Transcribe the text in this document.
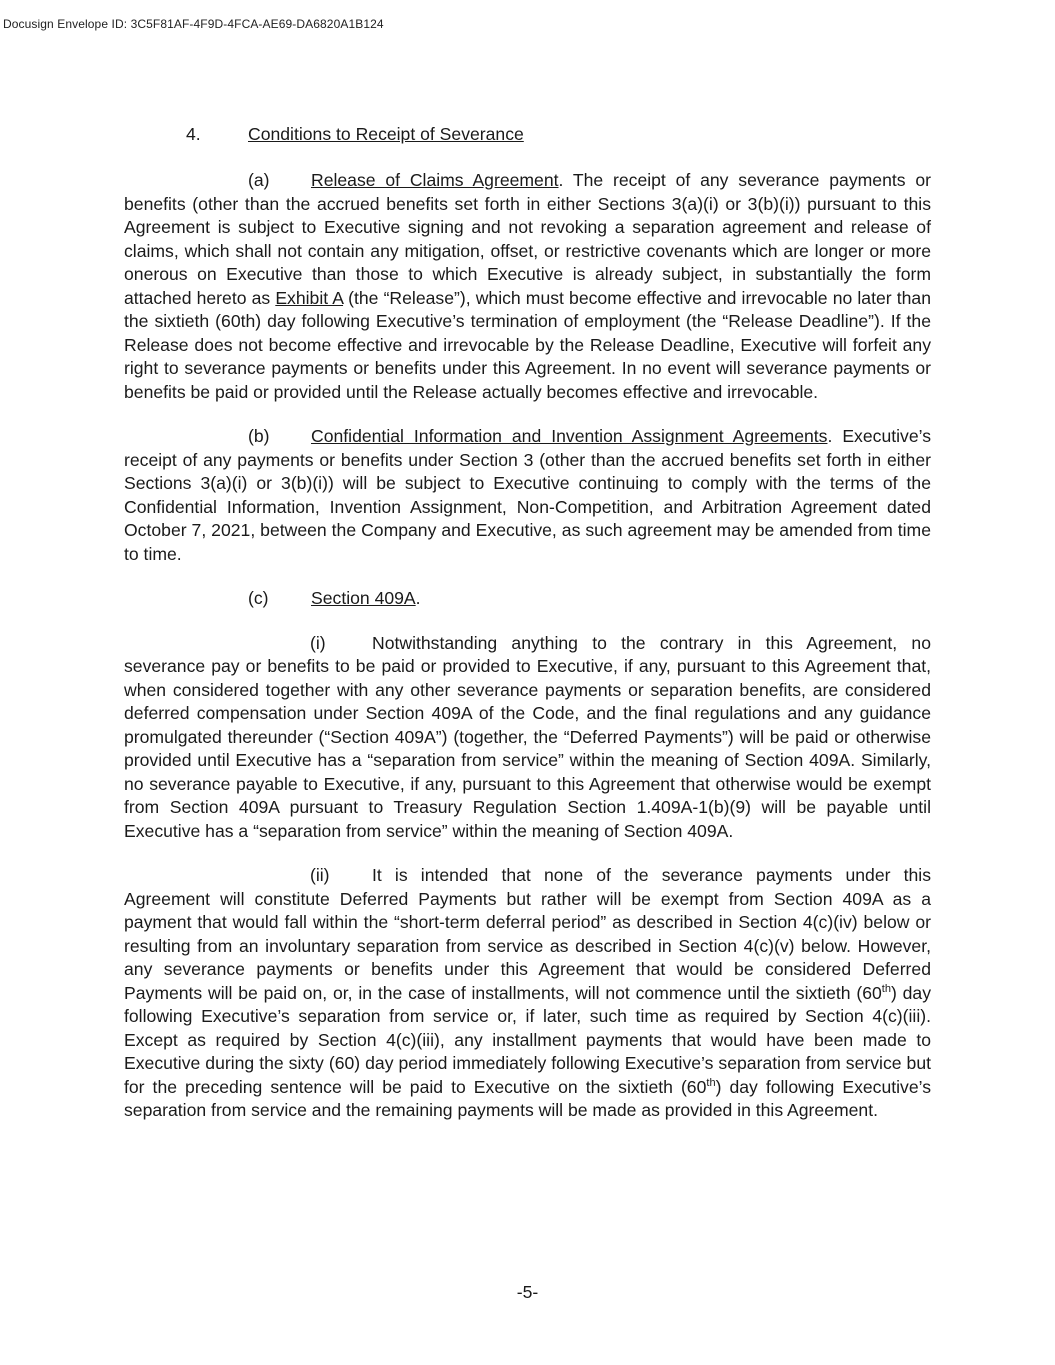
Docusign Envelope ID: 3C5F81AF-4F9D-4FCA-AE69-DA6820A1B124
4.	Conditions to Receipt of Severance

(a) Release of Claims Agreement. The receipt of any severance payments or benefits (other than the accrued benefits set forth in either Sections 3(a)(i) or 3(b)(i)) pursuant to this Agreement is subject to Executive signing and not revoking a separation agreement and release of claims, which shall not contain any mitigation, offset, or restrictive covenants which are longer or more onerous on Executive than those to which Executive is already subject, in substantially the form attached hereto as Exhibit A (the “Release”), which must become effective and irrevocable no later than the sixtieth (60th) day following Executive’s termination of employment (the “Release Deadline”). If the Release does not become effective and irrevocable by the Release Deadline, Executive will forfeit any right to severance payments or benefits under this Agreement. In no event will severance payments or benefits be paid or provided until the Release actually becomes effective and irrevocable.

(b) Confidential Information and Invention Assignment Agreements. Executive’s receipt of any payments or benefits under Section 3 (other than the accrued benefits set forth in either Sections 3(a)(i) or 3(b)(i)) will be subject to Executive continuing to comply with the terms of the Confidential Information, Invention Assignment, Non-Competition, and Arbitration Agreement dated October 7, 2021, between the Company and Executive, as such agreement may be amended from time to time.

(c) Section 409A.

(i)	Notwithstanding anything to the contrary in this Agreement, no severance pay or benefits to be paid or provided to Executive, if any, pursuant to this Agreement that, when considered together with any other severance payments or separation benefits, are considered deferred compensation under Section 409A of the Code, and the final regulations and any guidance promulgated thereunder (“Section 409A”) (together, the “Deferred Payments”) will be paid or otherwise provided until Executive has a “separation from service” within the meaning of Section 409A. Similarly, no severance payable to Executive, if any, pursuant to this Agreement that otherwise would be exempt from Section 409A pursuant to Treasury Regulation Section 1.409A-1(b)(9) will be payable until Executive has a “separation from service” within the meaning of Section 409A.

(ii) It is intended that none of the severance payments under this Agreement will constitute Deferred Payments but rather will be exempt from Section 409A as a payment that would fall within the “short-term deferral period” as described in Section 4(c)(iv) below or resulting from an involuntary separation from service as described in Section 4(c)(v) below. However, any severance payments or benefits under this Agreement that would be considered Deferred Payments will be paid on, or, in the case of installments, will not commence until the sixtieth (60th) day following Executive’s separation from service or, if later, such time as required by Section 4(c)(iii). Except as required by Section 4(c)(iii), any installment payments that would have been made to Executive during the sixty (60) day period immediately following Executive’s separation from service but for the preceding sentence will be paid to Executive on the sixtieth (60th) day following Executive’s separation from service and the remaining payments will be made as provided in this Agreement.

-5-
